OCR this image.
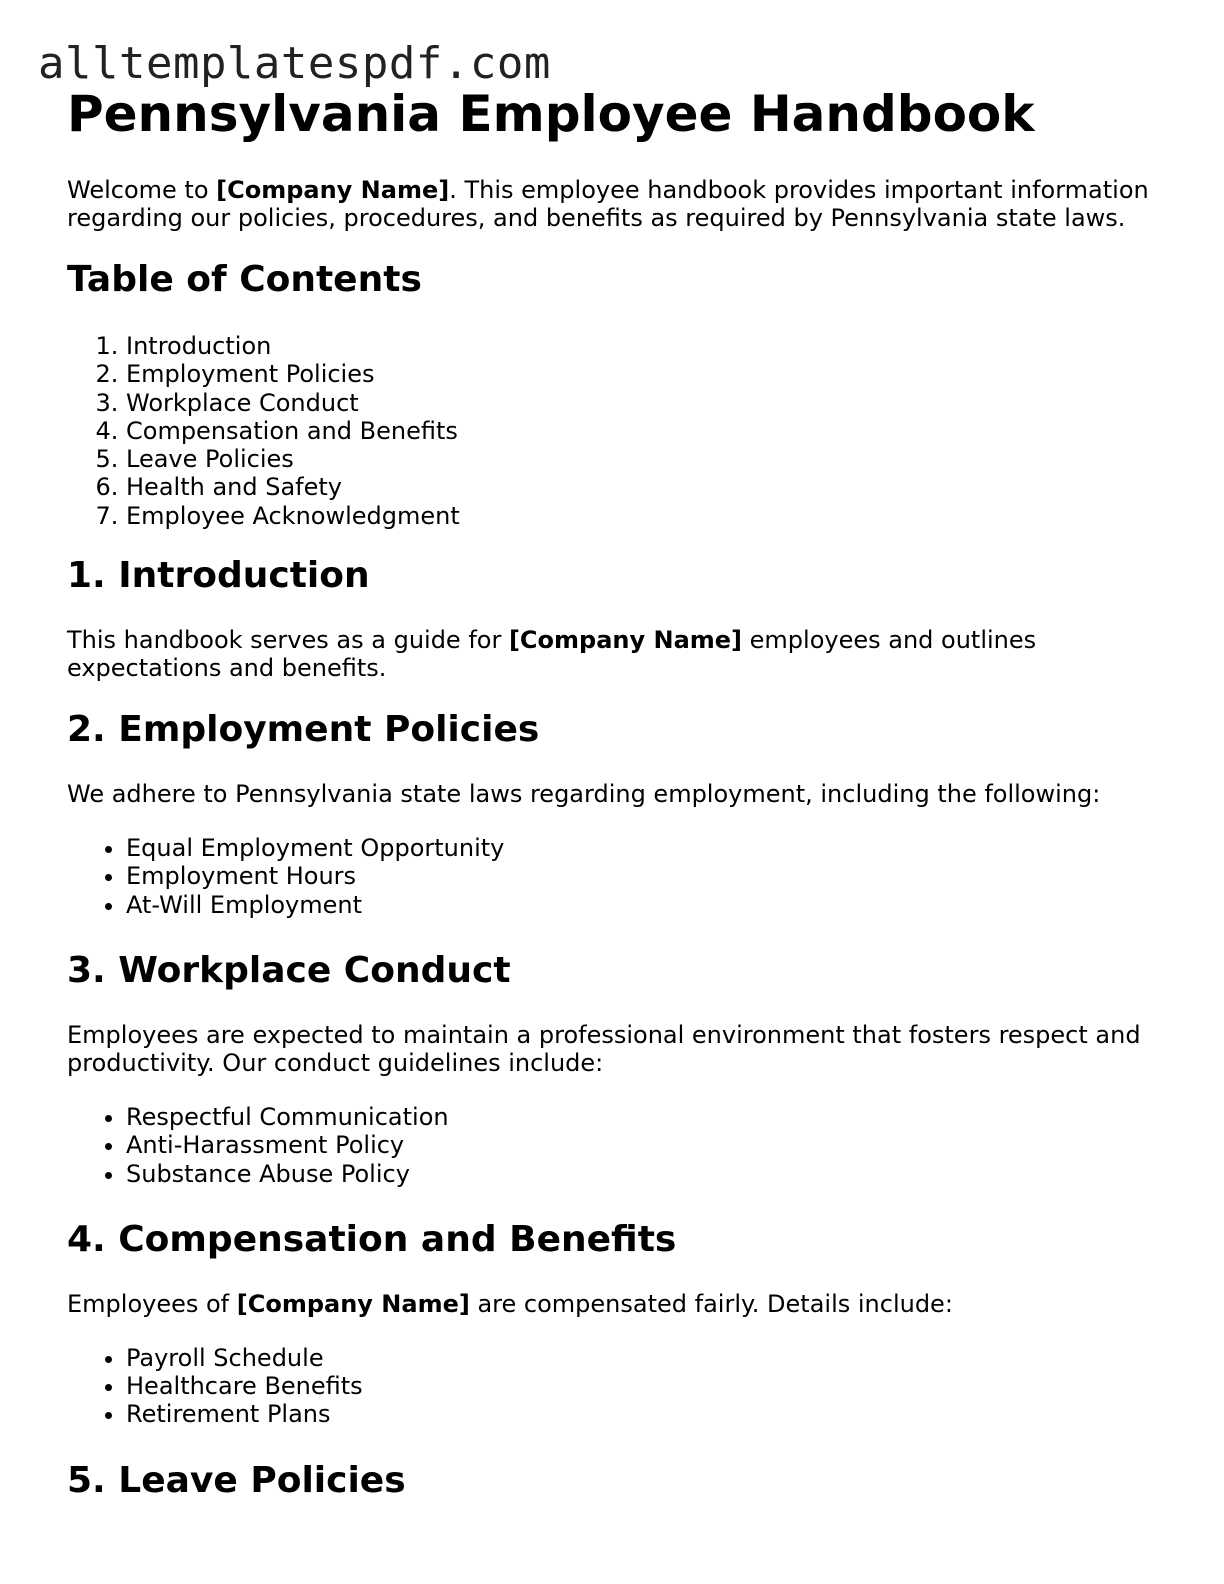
alltemplatespdf.com
Pennsylvania Employee Handbook

Welcome to [Company Name]. This employee handbook provides important information regarding our policies, procedures, and benefits as required by Pennsylvania state laws.

Table of Contents
1. Introduction
2. Employment Policies
3. Workplace Conduct
4. Compensation and Benefits
5. Leave Policies
6. Health and Safety
7. Employee Acknowledgment
1. Introduction

This handbook serves as a guide for [Company Name] employees and outlines expectations and benefits.

2. Employment Policies

We adhere to Pennsylvania state laws regarding employment, including the following:

• Equal Employment Opportunity
• Employment Hours
• At-Will Employment
3. Workplace Conduct

Employees are expected to maintain a professional environment that fosters respect and productivity. Our conduct guidelines include:

• Respectful Communication
• Anti-Harassment Policy
• Substance Abuse Policy
4. Compensation and Benefits

Employees of [Company Name] are compensated fairly. Details include:

• Payroll Schedule
• Healthcare Benefits
• Retirement Plans
5. Leave Policies
